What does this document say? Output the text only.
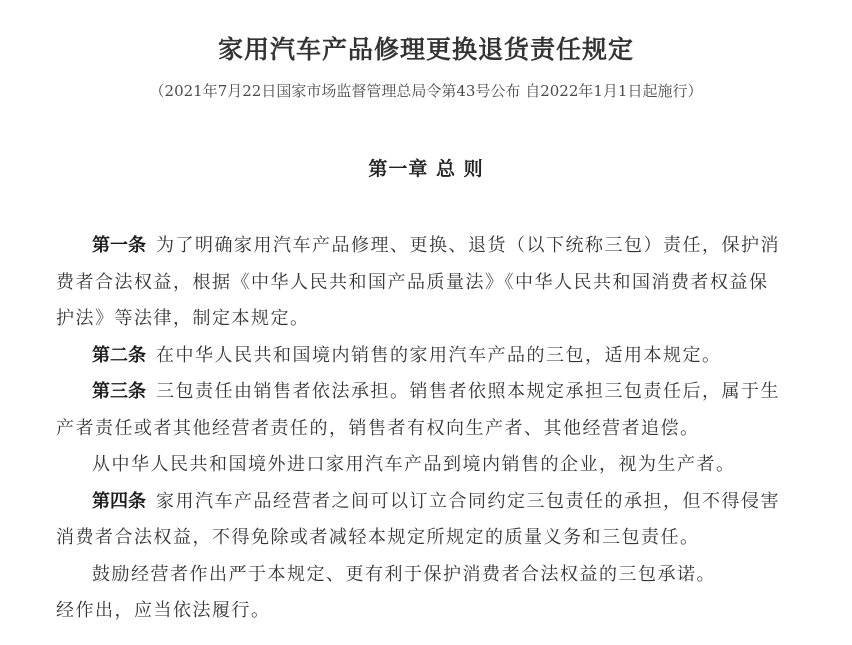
家用汽车产品修理更换退货责任规定

（2021年7月22日国家市场监督管理总局令第43号公布 自2022年1月1日起施行）

第一章 总 则

第一条 为了明确家用汽车产品修理、更换、退货（以下统称三包）责任，保护消费者合法权益，根据《中华人民共和国产品质量法》《中华人民共和国消费者权益保护法》等法律，制定本规定。

第二条 在中华人民共和国境内销售的家用汽车产品的三包，适用本规定。

第三条 三包责任由销售者依法承担。销售者依照本规定承担三包责任后，属于生产者责任或者其他经营者责任的，销售者有权向生产者、其他经营者追偿。

从中华人民共和国境外进口家用汽车产品到境内销售的企业，视为生产者。

第四条 家用汽车产品经营者之间可以订立合同约定三包责任的承担，但不得侵害消费者合法权益，不得免除或者减轻本规定所规定的质量义务和三包责任。

鼓励经营者作出严于本规定、更有利于保护消费者合法权益的三包承诺。

经作出，应当依法履行。
